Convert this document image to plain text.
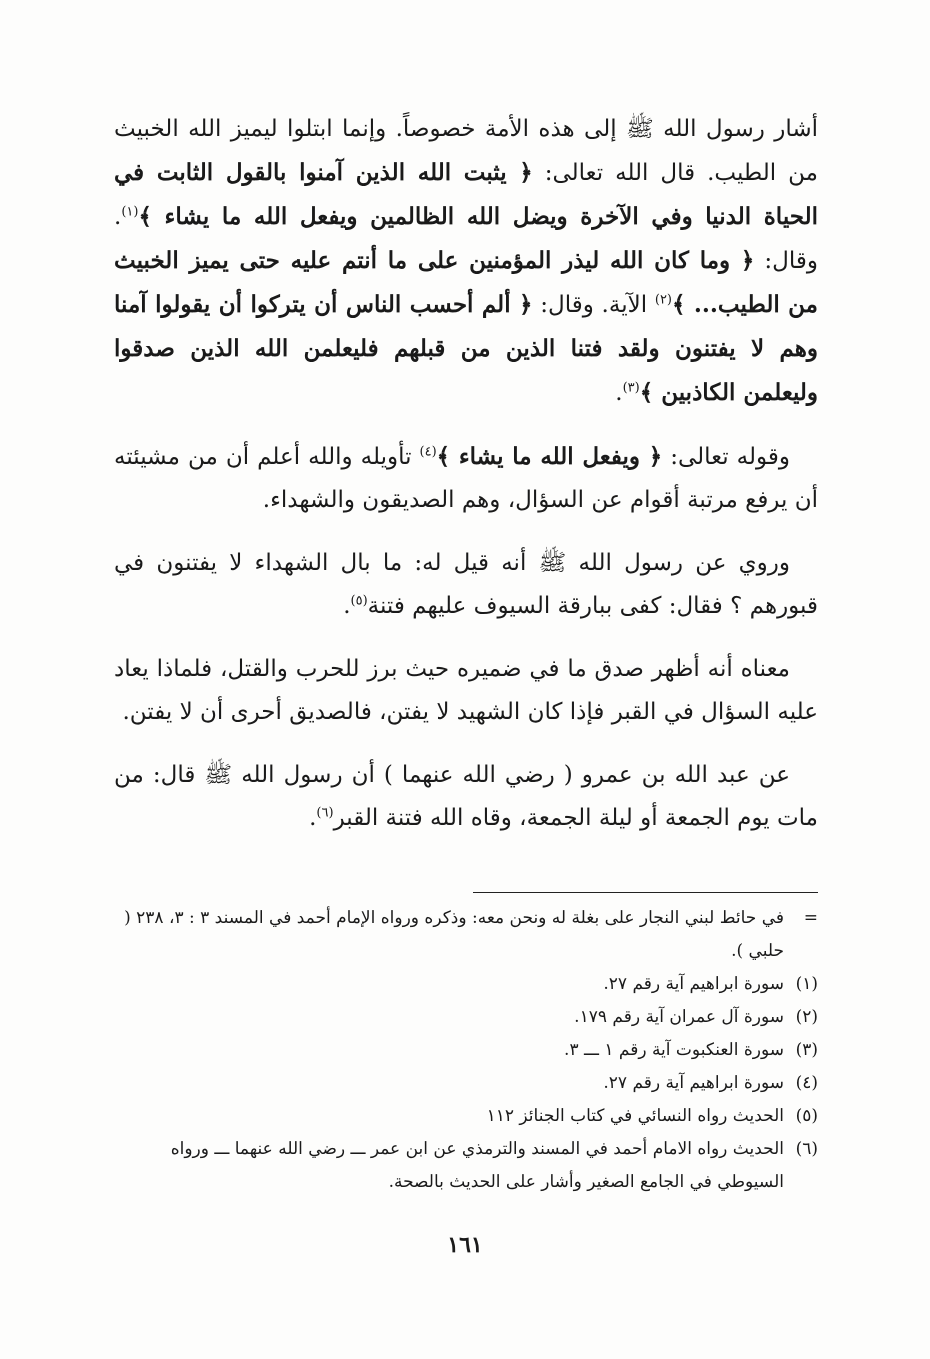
أشار رسول الله ﷺ إلى هذه الأمة خصوصاً. وإنما ابتلوا ليميز الله الخبيث من الطيب. قال الله تعالى: ﴿ يثبت الله الذين آمنوا بالقول الثابت في الحياة الدنيا وفي الآخرة ويضل الله الظالمين ويفعل الله ما يشاء ﴾$^{(١)}$. وقال: ﴿ وما كان الله ليذر المؤمنين على ما أنتم عليه حتى يميز الخبيث من الطيب... ﴾$^{(٢)}$ الآية. وقال: ﴿ ألم أحسب الناس أن يتركوا أن يقولوا آمنا وهم لا يفتنون ولقد فتنا الذين من قبلهم فليعلمن الله الذين صدقوا وليعلمن الكاذبين ﴾$^{(٣)}$.

وقوله تعالى: ﴿ ويفعل الله ما يشاء ﴾$^{(٤)}$ تأويله والله أعلم أن من مشيئته أن يرفع مرتبة أقوام عن السؤال، وهم الصديقون والشهداء.

وروي عن رسول الله ﷺ أنه قيل له: ما بال الشهداء لا يفتنون في قبورهم ؟ فقال: كفى ببارقة السيوف عليهم فتنة$^{(٥)}$.

معناه أنه أظهر صدق ما في ضميره حيث برز للحرب والقتل، فلماذا يعاد عليه السؤال في القبر فإذا كان الشهيد لا يفتن، فالصديق أحرى أن لا يفتن.

عن عبد الله بن عمرو ( رضي الله عنهما ) أن رسول الله ﷺ قال: من مات يوم الجمعة أو ليلة الجمعة، وقاه الله فتنة القبر$^{(٦)}$.

=في حائط لبني النجار على بغلة له ونحن معه: وذكره ورواه الإمام أحمد في المسند ٣ : ٣، ٢٣٨ ( حلبي ).

(١)سورة ابراهيم آية رقم ٢٧.

(٢)سورة آل عمران آية رقم ١٧٩.

(٣)سورة العنكبوت آية رقم ١ ـــ ٣.

(٤)سورة ابراهيم آية رقم ٢٧.

(٥)الحديث رواه النسائي في كتاب الجنائز ١١٢

(٦)الحديث رواه الامام أحمد في المسند والترمذي عن ابن عمر ـــ رضي الله عنهما ـــ ورواه السيوطي في الجامع الصغير وأشار على الحديث بالصحة.

١٦١
